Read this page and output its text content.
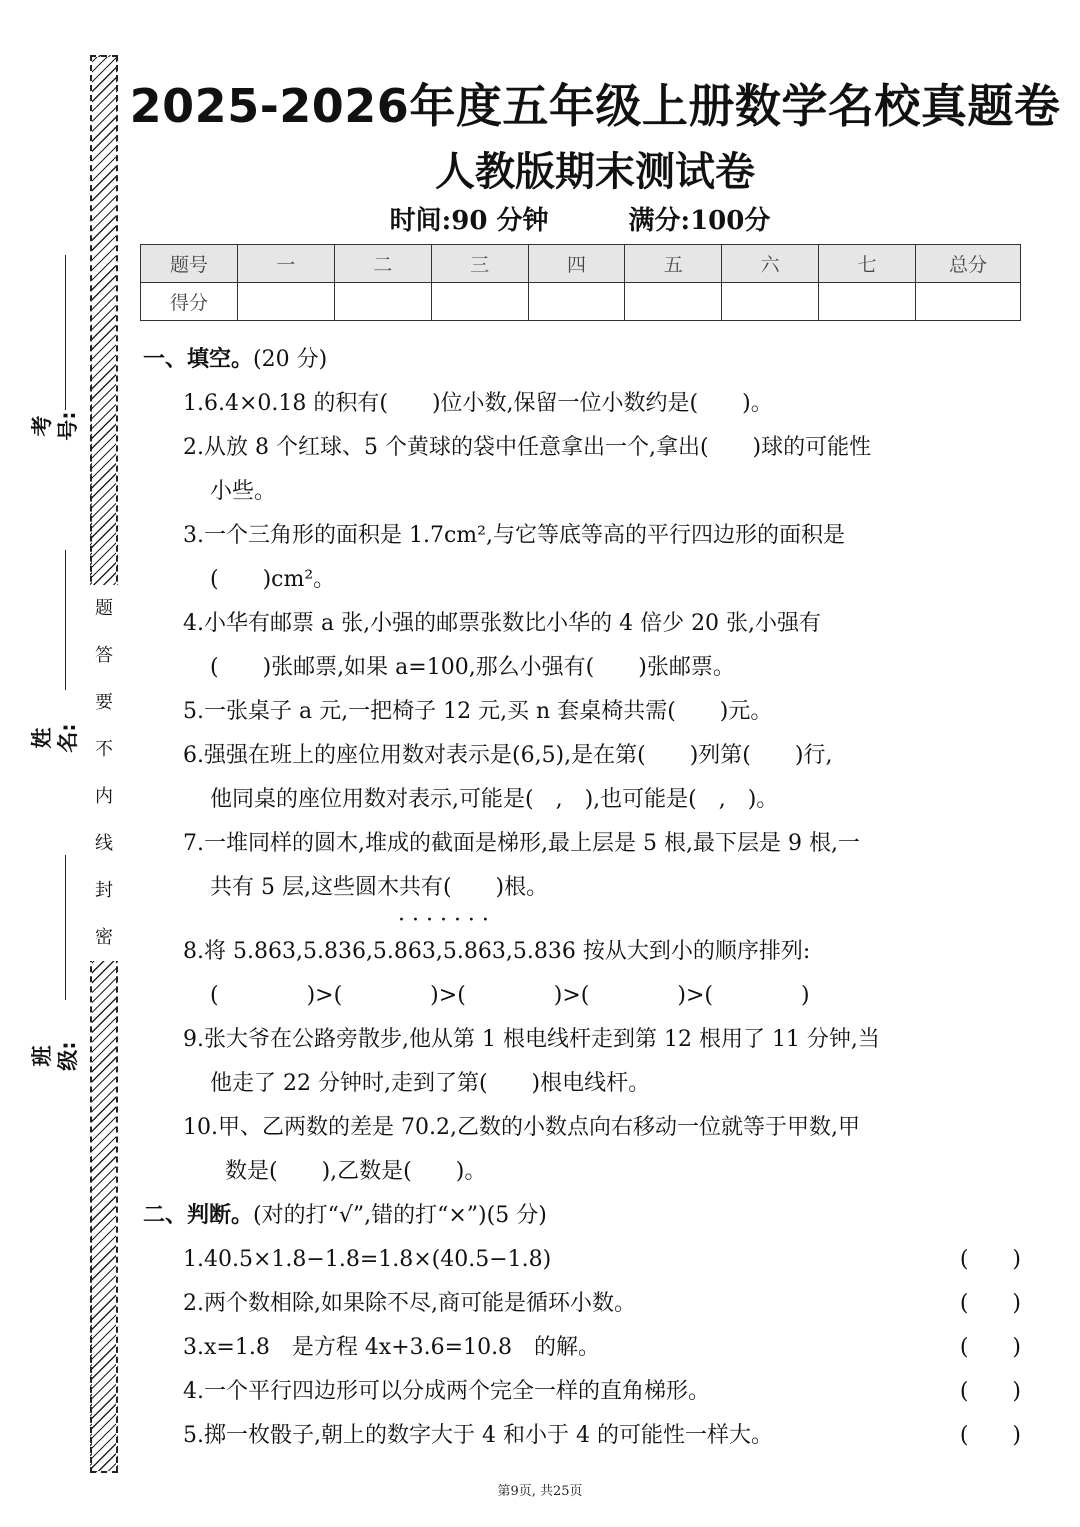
题
答
要
不
内
线
封
密
考号:
姓名:
班级:
2025-2026年度五年级上册数学名校真题卷
人教版期末测试卷
时间:90 分钟	满分:100分
题号	一	二	三	四	五	六	七	总分
得分								
一、填空。(20 分)
1.6.4×0.18 的积有(　　)位小数,保留一位小数约是(　　)。
2.从放 8 个红球、5 个黄球的袋中任意拿出一个,拿出(　　)球的可能性
小些。
3.一个三角形的面积是 1.7cm²,与它等底等高的平行四边形的面积是
(　　)cm²。
4.小华有邮票 a 张,小强的邮票张数比小华的 4 倍少 20 张,小强有
(　　)张邮票,如果 a=100,那么小强有(　　)张邮票。
5.一张桌子 a 元,一把椅子 12 元,买 n 套桌椅共需(　　)元。
6.强强在班上的座位用数对表示是(6,5),是在第(　　)列第(　　)行,
他同桌的座位用数对表示,可能是(　,　),也可能是(　,　)。
7.一堆同样的圆木,堆成的截面是梯形,最上层是 5 根,最下层是 9 根,一
共有 5 层,这些圆木共有(　　)根。
· · · · · · ·
8.将 5.863,5.836,5.863,5.863,5.836 按从大到小的顺序排列:
(　　　　)>(　　　　)>(　　　　)>(　　　　)>(　　　　)
9.张大爷在公路旁散步,他从第 1 根电线杆走到第 12 根用了 11 分钟,当
他走了 22 分钟时,走到了第(　　)根电线杆。
10.甲、乙两数的差是 70.2,乙数的小数点向右移动一位就等于甲数,甲
数是(　　),乙数是(　　)。
二、判断。(对的打“√”,错的打“×”)(5 分)
1.40.5×1.8−1.8=1.8×(40.5−1.8)	(　　)
2.两个数相除,如果除不尽,商可能是循环小数。	(　　)
3.x=1.8　是方程 4x+3.6=10.8　的解。	(　　)
4.一个平行四边形可以分成两个完全一样的直角梯形。	(　　)
5.掷一枚骰子,朝上的数字大于 4 和小于 4 的可能性一样大。	(　　)
第9页, 共25页
